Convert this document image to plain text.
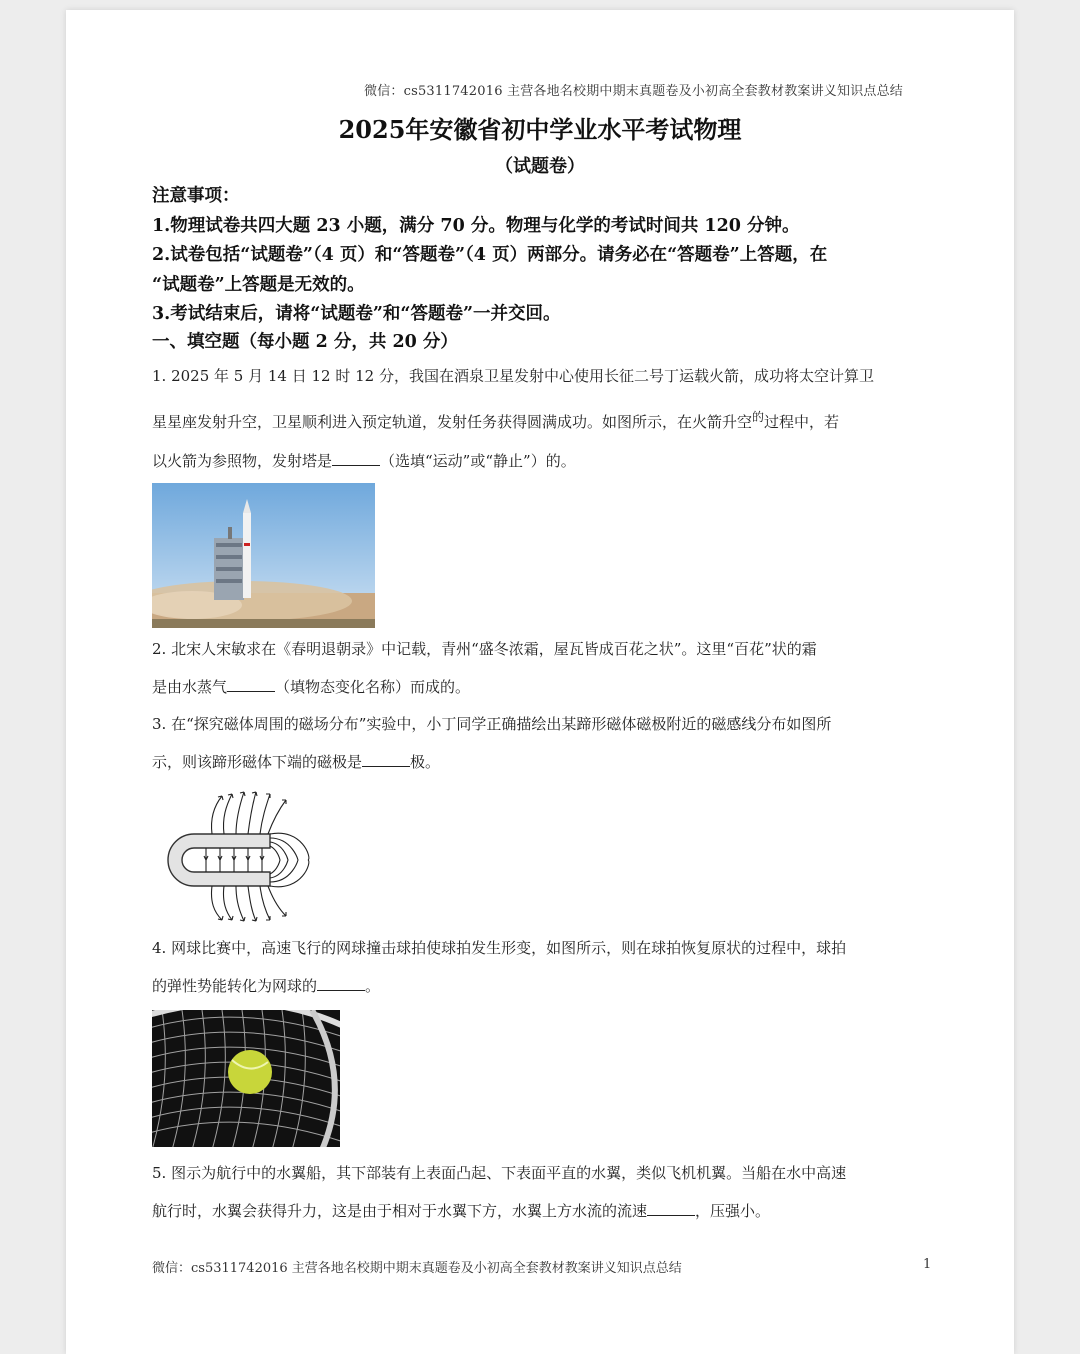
微信：cs5311742016 主营各地名校期中期末真题卷及小初高全套教材教案讲义知识点总结
2025年安徽省初中学业水平考试物理
（试题卷）
注意事项：
1.物理试卷共四大题 23 小题，满分 70 分。物理与化学的考试时间共 120 分钟。
2.试卷包括“试题卷”（4 页）和“答题卷”（4 页）两部分。请务必在“答题卷”上答题，在
“试题卷”上答题是无效的。
3.考试结束后，请将“试题卷”和“答题卷”一并交回。
一、填空题（每小题 2 分，共 20 分）
1. 2025 年 5 月 14 日 12 时 12 分，我国在酒泉卫星发射中心使用长征二号丁运载火箭，成功将太空计算卫
星星座发射升空，卫星顺利进入预定轨道，发射任务获得圆满成功。如图所示，在火箭升空$^的$过程中，若
以火箭为参照物，发射塔是	（选填“运动”或“静止”）的。
2. 北宋人宋敏求在《春明退朝录》中记载，青州“盛冬浓霜，屋瓦皆成百花之状”。这里“百花”状的霜
是由水蒸气	（填物态变化名称）而成的。
3. 在“探究磁体周围的磁场分布”实验中，小丁同学正确描绘出某蹄形磁体磁极附近的磁感线分布如图所
示，则该蹄形磁体下端的磁极是	极。
4. 网球比赛中，高速飞行的网球撞击球拍使球拍发生形变，如图所示，则在球拍恢复原状的过程中，球拍
的弹性势能转化为网球的	。
5. 图示为航行中的水翼船，其下部装有上表面凸起、下表面平直的水翼，类似飞机机翼。当船在水中高速
航行时，水翼会获得升力，这是由于相对于水翼下方，水翼上方水流的流速	，压强小。
微信：cs5311742016 主营各地名校期中期末真题卷及小初高全套教材教案讲义知识点总结	1
